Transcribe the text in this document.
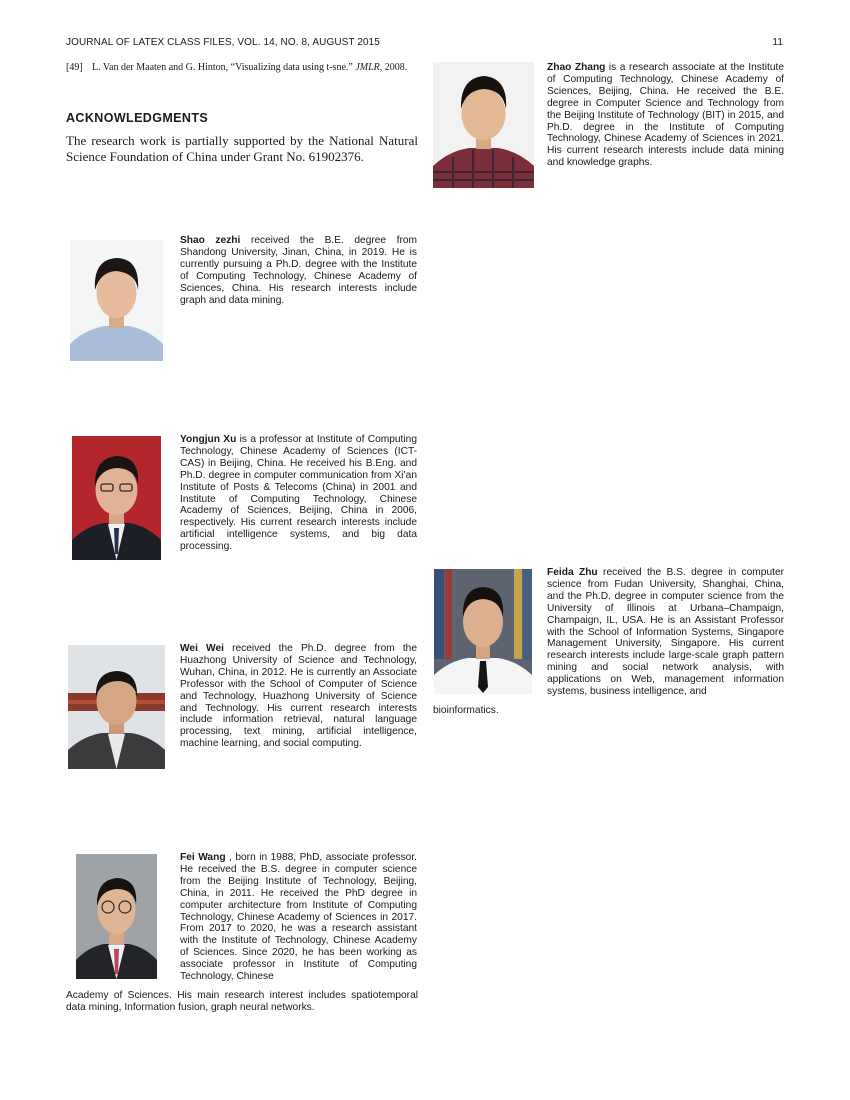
JOURNAL OF LATEX CLASS FILES, VOL. 14, NO. 8, AUGUST 2015	11
[49] L. Van der Maaten and G. Hinton, “Visualizing data using t-sne.” JMLR, 2008.
ACKNOWLEDGMENTS
The research work is partially supported by the National Natural Science Foundation of China under Grant No. 61902376.
Shao zezhi received the B.E. degree from Shandong University, Jinan, China, in 2019. He is currently pursuing a Ph.D. degree with the Institute of Computing Technology, Chinese Academy of Sciences, China. His research interests include graph and data mining.
Yongjun Xu is a professor at Institute of Computing Technology, Chinese Academy of Sciences (ICT-CAS) in Beijing, China. He received his B.Eng. and Ph.D. degree in computer communication from Xi’an Institute of Posts & Telecoms (China) in 2001 and Institute of Computing Technology, Chinese Academy of Sciences, Beijing, China in 2006, respectively. His current research interests include artificial intelligence systems, and big data processing.
Wei Wei received the Ph.D. degree from the Huazhong University of Science and Technology, Wuhan, China, in 2012. He is currently an Associate Professor with the School of Computer of Science and Technology, Huazhong University of Science and Technology. His current research interests include information retrieval, natural language processing, text mining, artificial intelligence, machine learning, and social computing.
Fei Wang , born in 1988, PhD, associate professor. He received the B.S. degree in computer science from the Beijing Institute of Technology, Beijing, China, in 2011. He received the PhD degree in computer architecture from Institute of Computing Technology, Chinese Academy of Sciences in 2017. From 2017 to 2020, he was a research assistant with the Institute of Technology, Chinese Academy of Sciences. Since 2020, he has been working as associate professor in Institute of Computing Technology, Chinese
Academy of Sciences. His main research interest includes spatiotemporal data mining, Information fusion, graph neural networks.
Zhao Zhang is a research associate at the Institute of Computing Technology, Chinese Academy of Sciences, Beijing, China. He received the B.E. degree in Computer Science and Technology from the Beijing Institute of Technology (BIT) in 2015, and Ph.D. degree in the Institute of Computing Technology, Chinese Academy of Sciences in 2021. His current research interests include data mining and knowledge graphs.
Feida Zhu received the B.S. degree in computer science from Fudan University, Shanghai, China, and the Ph.D. degree in computer science from the University of Illinois at Urbana–Champaign, Champaign, IL, USA. He is an Assistant Professor with the School of Information Systems, Singapore Management University, Singapore. His current research interests include large-scale graph pattern mining and social network analysis, with applications on Web, management information systems, business intelligence, and
bioinformatics.
